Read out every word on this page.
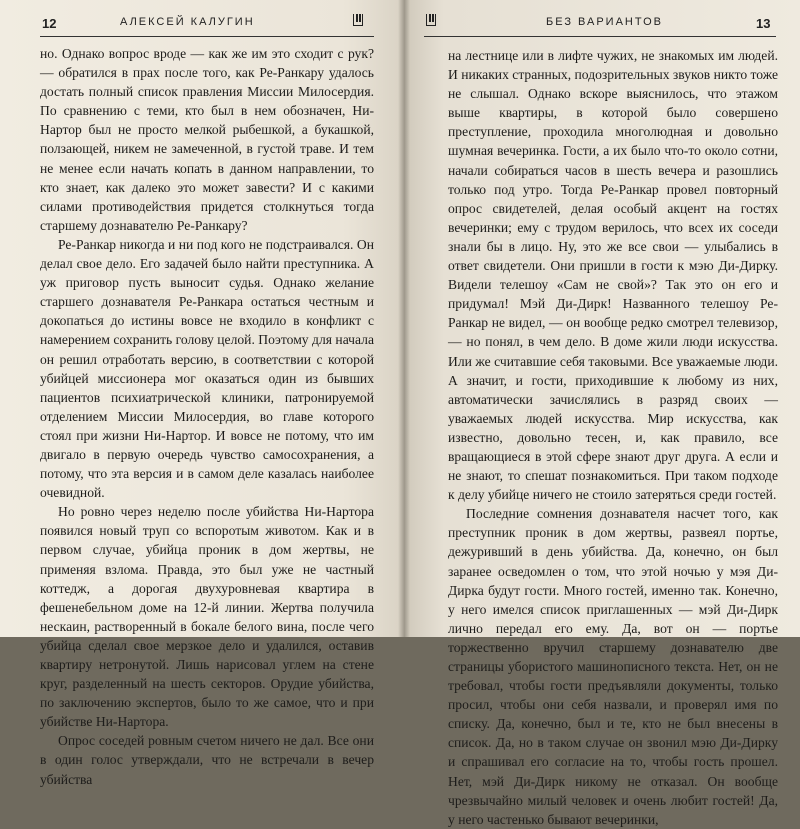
12	АЛЕКСЕЙ КАЛУГИН

но. Однако вопрос вроде — как же им это сходит с рук? — обратился в прах после того, как Ре-Ранкару удалось достать полный список правления Миссии Милосердия. По сравнению с теми, кто был в нем обозначен, Ни-Нартор был не просто мелкой рыбешкой, а букашкой, ползающей, никем не замеченной, в густой траве. И тем не менее если начать копать в данном направлении, то кто знает, как далеко это может завести? И с какими силами противодействия придется столкнуться тогда старшему дознавателю Ре-Ранкару?

Ре-Ранкар никогда и ни под кого не подстраивался. Он делал свое дело. Его задачей было найти преступника. А уж приговор пусть выносит судья. Однако желание старшего дознавателя Ре-Ранкара остаться честным и докопаться до истины вовсе не входило в конфликт с намерением сохранить голову целой. Поэтому для начала он решил отработать версию, в соответствии с которой убийцей миссионера мог оказаться один из бывших пациентов психиатрической клиники, патронируемой отделением Миссии Милосердия, во главе которого стоял при жизни Ни-Нартор. И вовсе не потому, что им двигало в первую очередь чувство самосохранения, а потому, что эта версия и в самом деле казалась наиболее очевидной.

Но ровно через неделю после убийства Ни-Нартора появился новый труп со вспоротым животом. Как и в первом случае, убийца проник в дом жертвы, не применяя взлома. Правда, это был уже не частный коттедж, а дорогая двухуровневая квартира в фешенебельном доме на 12-й линии. Жертва получила нескаин, растворенный в бокале белого вина, после чего убийца сделал свое мерзкое дело и удалился, оставив квартиру нетронутой. Лишь нарисовал углем на стене круг, разделенный на шесть секторов. Орудие убийства, по заключению экспертов, было то же самое, что и при убийстве Ни-Нартора.

Опрос соседей ровным счетом ничего не дал. Все они в один голос утверждали, что не встречали в вечер убийства

БЕЗ ВАРИАНТОВ	13

на лестнице или в лифте чужих, не знакомых им людей. И никаких странных, подозрительных звуков никто тоже не слышал. Однако вскоре выяснилось, что этажом выше квартиры, в которой было совершено преступление, проходила многолюдная и довольно шумная вечеринка. Гости, а их было что-то около сотни, начали собираться часов в шесть вечера и разошлись только под утро. Тогда Ре-Ранкар провел повторный опрос свидетелей, делая особый акцент на гостях вечеринки; ему с трудом верилось, что всех их соседи знали бы в лицо. Ну, это же все свои — улыбались в ответ свидетели. Они пришли в гости к мэю Ди-Дирку. Видели телешоу «Сам не свой»? Так это он его и придумал! Мэй Ди-Дирк! Названного телешоу Ре-Ранкар не видел, — он вообще редко смотрел телевизор, — но понял, в чем дело. В доме жили люди искусства. Или же считавшие себя таковыми. Все уважаемые люди. А значит, и гости, приходившие к любому из них, автоматически зачислялись в разряд своих — уважаемых людей искусства. Мир искусства, как известно, довольно тесен, и, как правило, все вращающиеся в этой сфере знают друг друга. А если и не знают, то спешат познакомиться. При таком подходе к делу убийце ничего не стоило затеряться среди гостей.

Последние сомнения дознавателя насчет того, как преступник проник в дом жертвы, развеял портье, дежуривший в день убийства. Да, конечно, он был заранее осведомлен о том, что этой ночью у мэя Ди-Дирка будут гости. Много гостей, именно так. Конечно, у него имелся список приглашенных — мэй Ди-Дирк лично передал его ему. Да, вот он — портье торжественно вручил старшему дознавателю две страницы убористого машинописного текста. Нет, он не требовал, чтобы гости предъявляли документы, только просил, чтобы они себя назвали, и проверял имя по списку. Да, конечно, был и те, кто не был внесены в список. Да, но в таком случае он звонил мэю Ди-Дирку и спрашивал его согласие на то, чтобы гость прошел. Нет, мэй Ди-Дирк никому не отказал. Он вообще чрезвычайно милый человек и очень любит гостей! Да, у него частенько бывают вечеринки,
